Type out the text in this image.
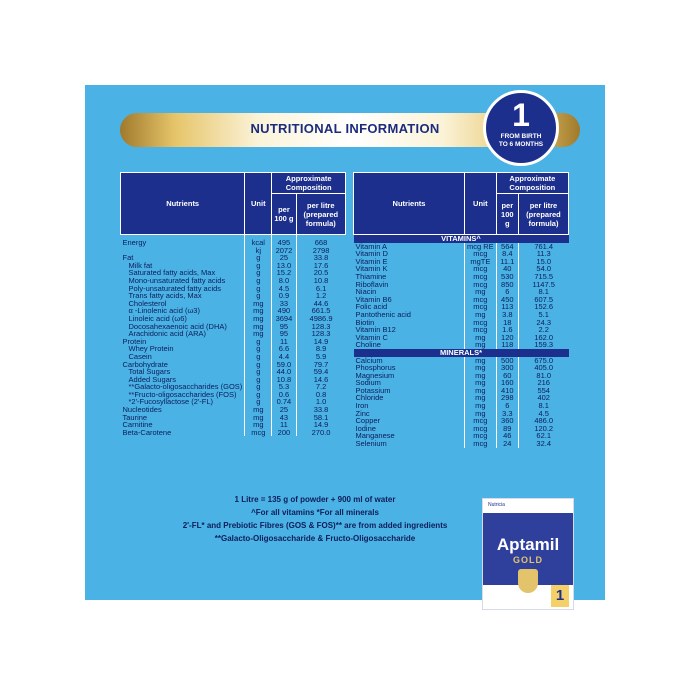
NUTRITIONAL INFORMATION	1
FROM BIRTH
TO 6 MONTHS
Nutrients	Unit	Approximate Composition	
		per 100 g	per litre (prepared formula)

Energy	kcal	495	668
	kj	2072	2798
Fat	g	25	33.8
Milk fat	g	13.0	17.6
Saturated fatty acids, Max	g	15.2	20.5
Mono-unsaturated fatty acids	g	8.0	10.8
Poly-unsaturated fatty acids	g	4.5	6.1
Trans fatty acids, Max	g	0.9	1.2
Cholesterol	mg	33	44.6
α -Linolenic acid (ω3)	mg	490	661.5
Linoleic acid (ω6)	mg	3694	4986.9
Docosahexaenoic acid (DHA)	mg	95	128.3
Arachidonic acid (ARA)	mg	95	128.3
Protein	g	11	14.9
Whey Protein	g	6.6	8.9
Casein	g	4.4	5.9
Carbohydrate	g	59.0	79.7
Total Sugars	g	44.0	59.4
Added Sugars	g	10.8	14.6
**Galacto-oligosaccharides (GOS)	g	5.3	7.2
**Fructo-oligosaccharides (FOS)	g	0.6	0.8
*2'-Fucosyllactose (2'-FL)	g	0.74	1.0
Nucleotides	mg	25	33.8
Taurine	mg	43	58.1
Carnitine	mg	11	14.9
Beta-Carotene	mcg	200	270.0
Nutrients	Unit	Approximate Composition	
		per 100 g	per litre (prepared formula)
VITAMINS^			
Vitamin A	mcg RE	564	761.4
Vitamin D	mcg	8.4	11.3
Vitamin E	mgTE	11.1	15.0
Vitamin K	mcg	40	54.0
Thiamine	mcg	530	715.5
Riboflavin	mcg	850	1147.5
Niacin	mg	6	8.1
Vitamin B6	mcg	450	607.5
Folic acid	mcg	113	152.6
Pantothenic acid	mg	3.8	5.1
Biotin	mcg	18	24.3
Vitamin B12	mcg	1.6	2.2
Vitamin C	mg	120	162.0
Choline	mg	118	159.3
MINERALS*			
Calcium	mg	500	675.0
Phosphorus	mg	300	405.0
Magnesium	mg	60	81.0
Sodium	mg	160	216
Potassium	mg	410	554
Chloride	mg	298	402
Iron	mg	6	8.1
Zinc	mg	3.3	4.5
Copper	mcg	360	486.0
Iodine	mcg	89	120.2
Manganese	mcg	46	62.1
Selenium	mcg	24	32.4
1 Litre = 135 g of powder + 900 ml of water
^For all vitamins *For all minerals
2'-FL* and Prebiotic Fibres (GOS & FOS)** are from added ingredients
**Galacto-Oligosaccharide & Fructo-Oligosaccharide
Nutricia
Aptamil
GOLD
1
